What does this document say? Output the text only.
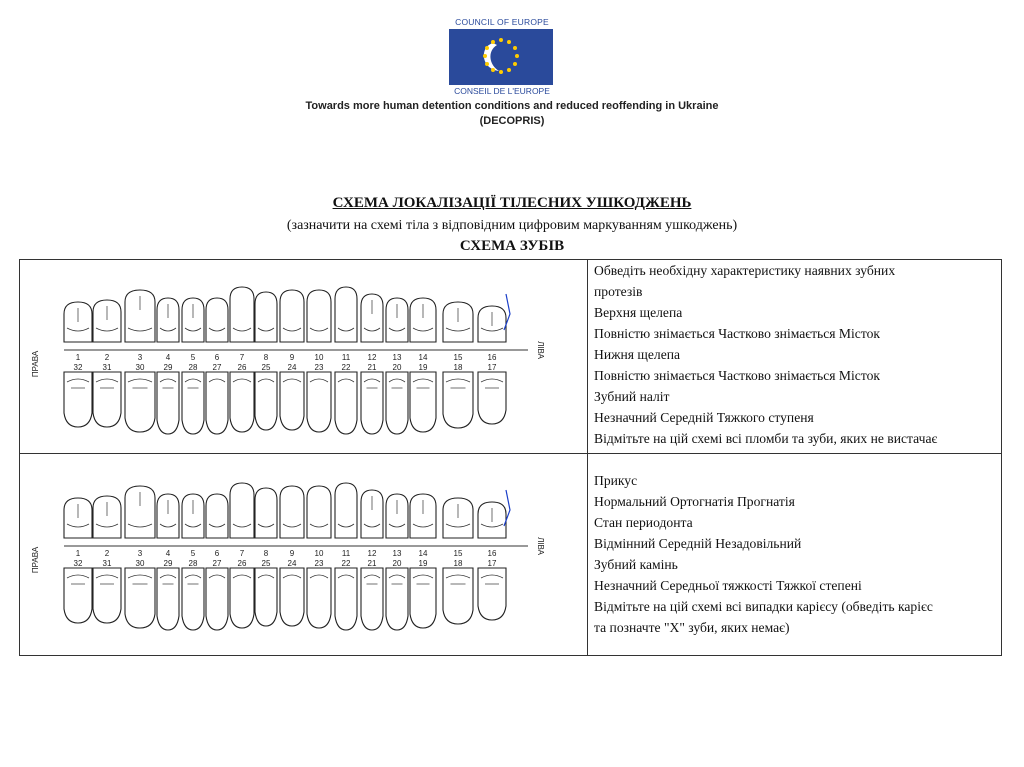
COUNCIL OF EUROPE
CONSEIL DE L'EUROPE
Towards more human detention conditions and reduced reoffending in Ukraine
(DECOPRIS)
СХЕМА ЛОКАЛІЗАЦІЇ ТІЛЕСНИХ УШКОДЖЕНЬ
(зазначити на схемі тіла з відповідним цифровим маркуванням ушкоджень)
СХЕМА ЗУБІВ
1	2	3	4	5 6	7 8	9	10 11 12 13 14	15	16
32	31	30 29 28 27 26 25 24 23 22 21 20 19	18	17
ПРАВА
ЛІВА
1	2	3	4	5 6	7 8	9	10 11 12 13 14	15	16
32	31	30 29 28 27 26 25 24 23 22 21 20 19	18	17
ПРАВА
ЛІВА
Обведіть необхідну характеристику наявних зубних
протезів
Верхня щелепа
Повністю знімається Частково знімається Місток
Нижня щелепа
Повністю знімається Частково знімається Місток
Зубний наліт
Незначний Середній Тяжкого ступеня
Відмітьте на цій схемі всі пломби та зуби, яких не вистачає
Прикус
Нормальний Ортогнатія Прогнатія
Стан периодонта
Відмінний Середній Незадовільний
Зубний камінь
Незначний Середньої тяжкості Тяжкої степені
Відмітьте на цій схемі всі випадки карієсу (обведіть карієс
та позначте "Х" зуби, яких немає)
